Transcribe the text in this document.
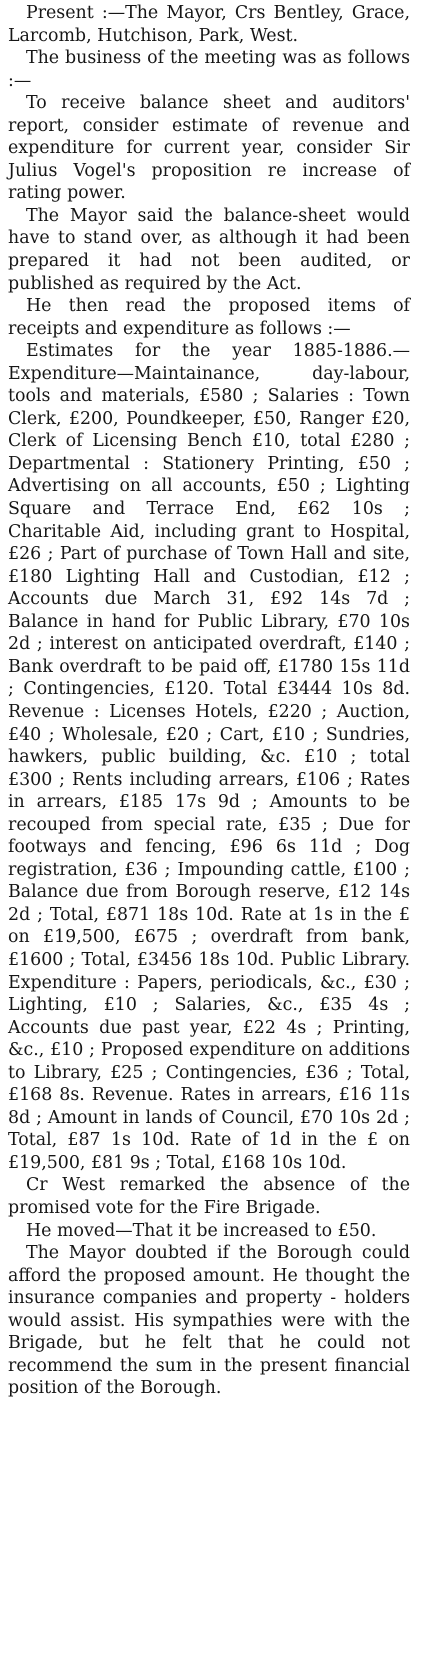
Present :—The Mayor, Crs Bentley, Grace, Larcomb, Hutchison, Park, West.

The business of the meeting was as follows :—

To receive balance sheet and auditors' report, consider estimate of revenue and expenditure for current year, consider Sir Julius Vogel's proposition re increase of rating power.

The Mayor said the balance-sheet would have to stand over, as although it had been prepared it had not been audited, or published as required by the Act.

He then read the proposed items of receipts and expenditure as follows :—

Estimates for the year 1885-1886.—Expenditure—Maintainance, day-labour, tools and materials, £580 ; Salaries : Town Clerk, £200, Poundkeeper, £50, Ranger £20, Clerk of Licensing Bench £10, total £280 ; Departmental : Stationery Printing, £50 ; Advertising on all accounts, £50 ; Lighting Square and Terrace End, £62 10s ; Charitable Aid, including grant to Hospital, £26 ; Part of purchase of Town Hall and site, £180 Lighting Hall and Custodian, £12 ; Accounts due March 31, £92 14s 7d ; Balance in hand for Public Library, £70 10s 2d ; interest on anticipated overdraft, £140 ; Bank overdraft to be paid off, £1780 15s 11d ; Contingencies, £120. Total £3444 10s 8d. Revenue : Licenses Hotels, £220 ; Auction, £40 ; Wholesale, £20 ; Cart, £10 ; Sundries, hawkers, public building, &c. £10 ; total £300 ; Rents including arrears, £106 ; Rates in arrears, £185 17s 9d ; Amounts to be recouped from special rate, £35 ; Due for footways and fencing, £96 6s 11d ; Dog registration, £36 ; Impounding cattle, £100 ; Balance due from Borough reserve, £12 14s 2d ; Total, £871 18s 10d. Rate at 1s in the £ on £19,500, £675 ; overdraft from bank, £1600 ; Total, £3456 18s 10d. Public Library. Expenditure : Papers, periodicals, &c., £30 ; Lighting, £10 ; Salaries, &c., £35 4s ; Accounts due past year, £22 4s ; Printing, &c., £10 ; Proposed expenditure on additions to Library, £25 ; Contingencies, £36 ; Total, £168 8s. Revenue. Rates in arrears, £16 11s 8d ; Amount in lands of Council, £70 10s 2d ; Total, £87 1s 10d. Rate of 1d in the £ on £19,500, £81 9s ; Total, £168 10s 10d.

Cr West remarked the absence of the promised vote for the Fire Brigade.

He moved—That it be increased to £50.

The Mayor doubted if the Borough could afford the proposed amount. He thought the insurance companies and property - holders would assist. His sympathies were with the Brigade, but he felt that he could not recommend the sum in the present financial position of the Borough.
